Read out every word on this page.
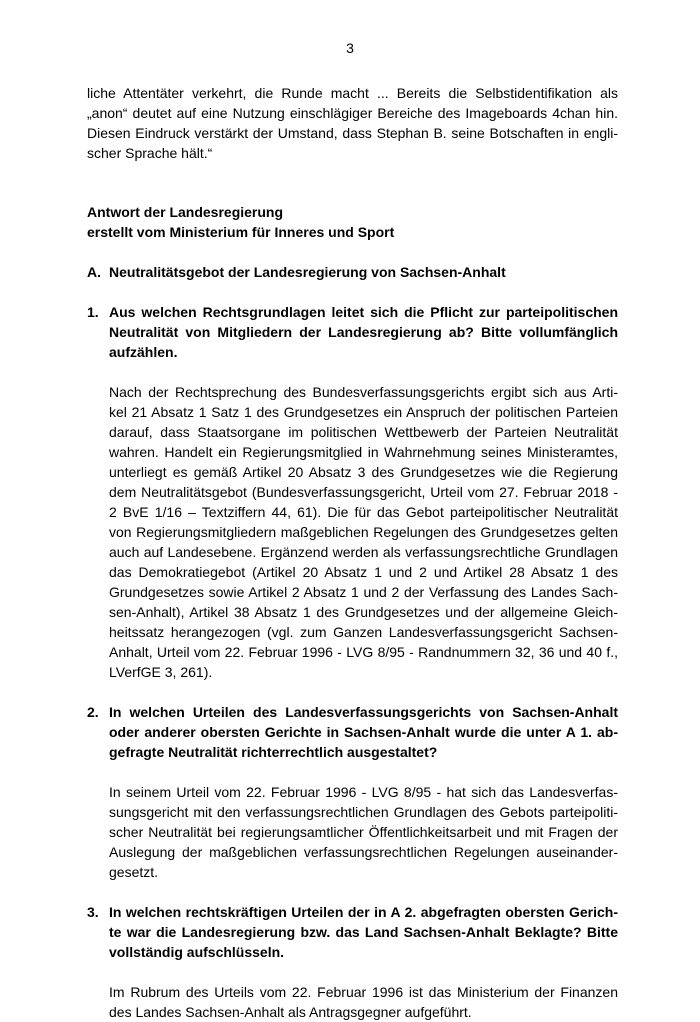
3
liche Attentäter verkehrt, die Runde macht ... Bereits die Selbstidentifikation als
„anon“ deutet auf eine Nutzung einschlägiger Bereiche des Imageboards 4chan hin.
Diesen Eindruck verstärkt der Umstand, dass Stephan B. seine Botschaften in engli-
scher Sprache hält.“
Antwort der Landesregierung
erstellt vom Ministerium für Inneres und Sport
A. Neutralitätsgebot der Landesregierung von Sachsen-Anhalt
1. Aus welchen Rechtsgrundlagen leitet sich die Pflicht zur parteipolitischen
Neutralität von Mitgliedern der Landesregierung ab? Bitte vollumfänglich
aufzählen.
Nach der Rechtsprechung des Bundesverfassungsgerichts ergibt sich aus Arti-
kel 21 Absatz 1 Satz 1 des Grundgesetzes ein Anspruch der politischen Parteien
darauf, dass Staatsorgane im politischen Wettbewerb der Parteien Neutralität
wahren. Handelt ein Regierungsmitglied in Wahrnehmung seines Ministeramtes,
unterliegt es gemäß Artikel 20 Absatz 3 des Grundgesetzes wie die Regierung
dem Neutralitätsgebot (Bundesverfassungsgericht, Urteil vom 27. Februar 2018 -
2 BvE 1/16 – Textziffern 44, 61). Die für das Gebot parteipolitischer Neutralität
von Regierungsmitgliedern maßgeblichen Regelungen des Grundgesetzes gelten
auch auf Landesebene. Ergänzend werden als verfassungsrechtliche Grundlagen
das Demokratiegebot (Artikel 20 Absatz 1 und 2 und Artikel 28 Absatz 1 des
Grundgesetzes sowie Artikel 2 Absatz 1 und 2 der Verfassung des Landes Sach-
sen-Anhalt), Artikel 38 Absatz 1 des Grundgesetzes und der allgemeine Gleich-
heitssatz herangezogen (vgl. zum Ganzen Landesverfassungsgericht Sachsen-
Anhalt, Urteil vom 22. Februar 1996 - LVG 8/95 - Randnummern 32, 36 und 40 f.,
LVerfGE 3, 261).
2. In welchen Urteilen des Landesverfassungsgerichts von Sachsen-Anhalt
oder anderer obersten Gerichte in Sachsen-Anhalt wurde die unter A 1. ab-
gefragte Neutralität richterrechtlich ausgestaltet?
In seinem Urteil vom 22. Februar 1996 - LVG 8/95 - hat sich das Landesverfas-
sungsgericht mit den verfassungsrechtlichen Grundlagen des Gebots parteipoliti-
scher Neutralität bei regierungsamtlicher Öffentlichkeitsarbeit und mit Fragen der
Auslegung der maßgeblichen verfassungsrechtlichen Regelungen auseinander-
gesetzt.
3. In welchen rechtskräftigen Urteilen der in A 2. abgefragten obersten Gerich-
te war die Landesregierung bzw. das Land Sachsen-Anhalt Beklagte? Bitte
vollständig aufschlüsseln.
Im Rubrum des Urteils vom 22. Februar 1996 ist das Ministerium der Finanzen
des Landes Sachsen-Anhalt als Antragsgegner aufgeführt.
